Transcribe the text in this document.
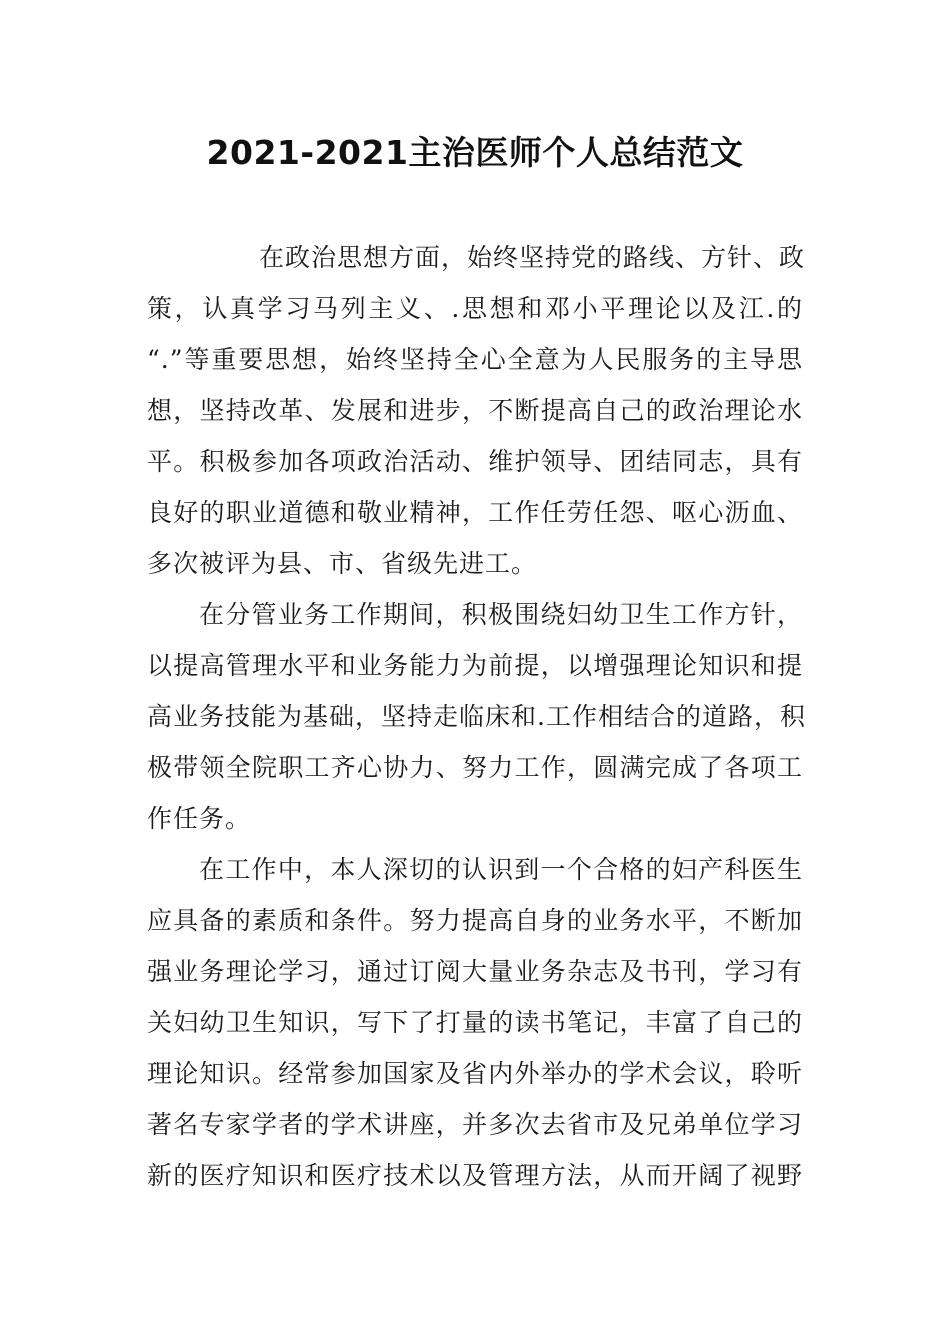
2021-2021主治医师个人总结范文
在政治思想方面，始终坚持党的路线、方针、政
策，认真学习马列主义、.思想和邓小平理论以及江.的
“.”等重要思想，始终坚持全心全意为人民服务的主导思
想，坚持改革、发展和进步，不断提高自己的政治理论水
平。积极参加各项政治活动、维护领导、团结同志，具有
良好的职业道德和敬业精神，工作任劳任怨、呕心沥血、
多次被评为县、市、省级先进工。
在分管业务工作期间，积极围绕妇幼卫生工作方针，
以提高管理水平和业务能力为前提，以增强理论知识和提
高业务技能为基础，坚持走临床和.工作相结合的道路，积
极带领全院职工齐心协力、努力工作，圆满完成了各项工
作任务。
在工作中，本人深切的认识到一个合格的妇产科医生
应具备的素质和条件。努力提高自身的业务水平，不断加
强业务理论学习，通过订阅大量业务杂志及书刊，学习有
关妇幼卫生知识，写下了打量的读书笔记，丰富了自己的
理论知识。经常参加国家及省内外举办的学术会议，聆听
著名专家学者的学术讲座，并多次去省市及兄弟单位学习
新的医疗知识和医疗技术以及管理方法，从而开阔了视野
